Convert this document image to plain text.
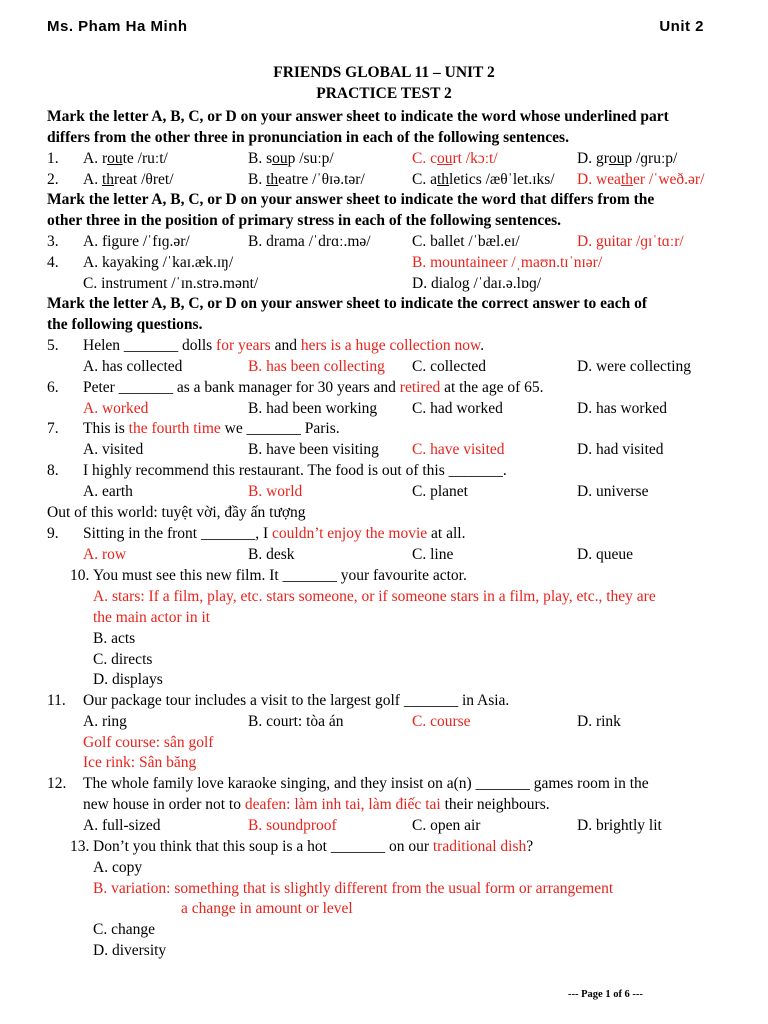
Ms. Pham Ha Minh	Unit 2
FRIENDS GLOBAL 11 – UNIT 2
PRACTICE TEST 2
Mark the letter A, B, C, or D on your answer sheet to indicate the word whose underlined part
differs from the other three in pronunciation in each of the following sentences.
1. A. route /ruːt/	B. soup /suːp/	C. court /kɔːt/	D. group /ɡruːp/
2. A. threat /θret/	B. theatre /ˈθɪə.tər/	C. athletics /æθˈlet.ɪks/ D. weather /ˈweð.ər/
Mark the letter A, B, C, or D on your answer sheet to indicate the word that differs from the
other three in the position of primary stress in each of the following sentences.
3. A. figure /ˈfɪɡ.ər/	B. drama /ˈdrɑː.mə/	C. ballet /ˈbæl.eɪ/	D. guitar /ɡɪˈtɑːr/
4. A. kayaking /ˈkaɪ.æk.ɪŋ/	B. mountaineer /ˌmaʊn.tɪˈnɪər/
C. instrument /ˈɪn.strə.mənt/	D. dialog /ˈdaɪ.ə.lɒɡ/
Mark the letter A, B, C, or D on your answer sheet to indicate the correct answer to each of
the following questions.
5. Helen _______ dolls for years and hers is a huge collection now.
A. has collected	B. has been collecting C. collected	D. were collecting
6. Peter _______ as a bank manager for 30 years and retired at the age of 65.
A. worked	B. had been working C. had worked	D. has worked
7. This is the fourth time we _______ Paris.
A. visited	B. have been visiting C. have visited	D. had visited
8. I highly recommend this restaurant. The food is out of this _______.
A. earth	B. world	C. planet	D. universe
Out of this world: tuyệt vời, đầy ấn tượng
9. Sitting in the front _______, I couldn’t enjoy the movie at all.
A. row	B. desk	C. line	D. queue
10. You must see this new film. It _______ your favourite actor.
A. stars: If a film, play, etc. stars someone, or if someone stars in a film, play, etc., they are
the main actor in it
B. acts
C. directs
D. displays
11. Our package tour includes a visit to the largest golf _______ in Asia.
A. ring	B. court: tòa án	C. course	D. rink
Golf course: sân golf
Ice rink: Sân băng
12. The whole family love karaoke singing, and they insist on a(n) _______ games room in the
new house in order not to deafen: làm inh tai, làm điếc tai their neighbours.
A. full-sized	B. soundproof	C. open air	D. brightly lit
13. Don’t you think that this soup is a hot _______ on our traditional dish?
A. copy
B. variation: something that is slightly different from the usual form or arrangement
a change in amount or level
C. change
D. diversity
--- Page 1 of 6 ---
